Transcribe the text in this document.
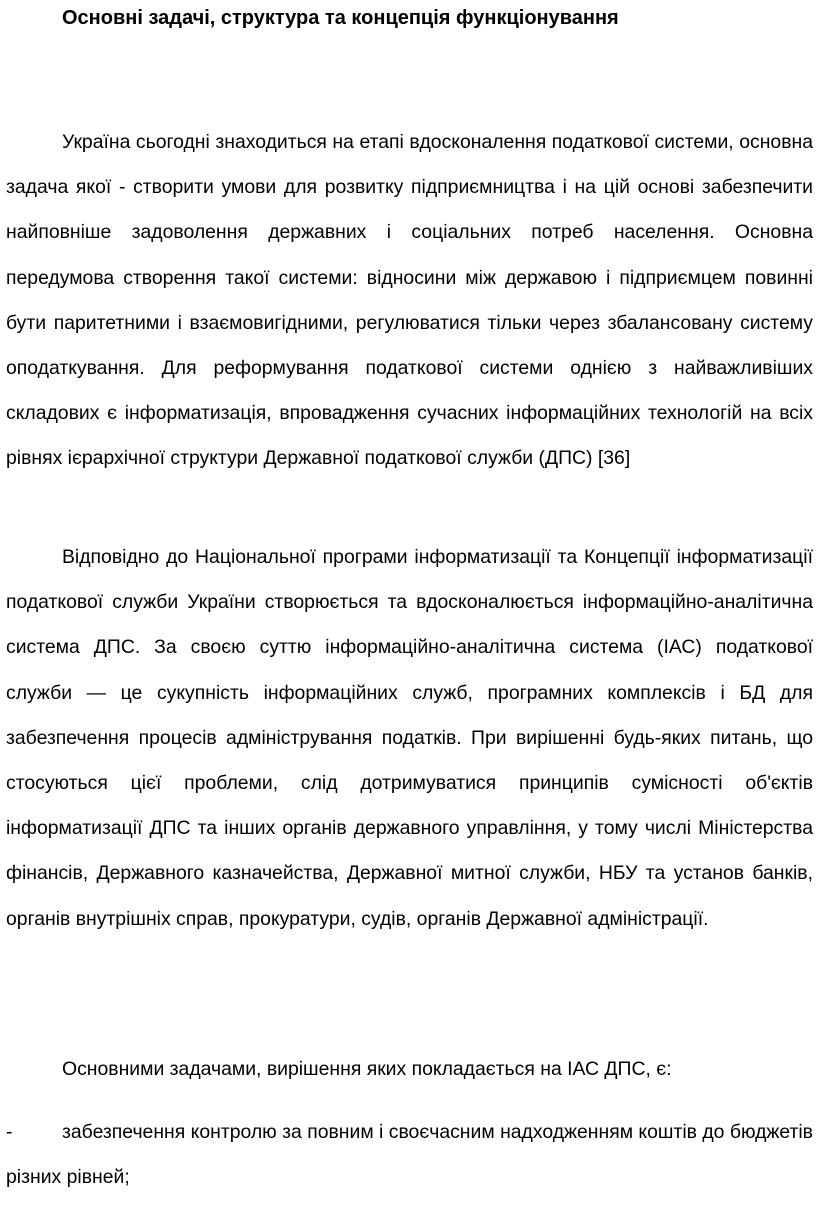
Основні задачі, структура та концепція функціонування

Україна сьогодні знаходиться на етапі вдосконалення податкової системи, основна задача якої - створити умови для розвитку підприємництва і на цій основі забезпечити найповніше задоволення державних і соціальних потреб населення. Основна передумова створення такої системи: відносини між державою і підприємцем повинні бути паритетними і взаємовигідними, регулюватися тільки через збалансовану систему оподаткування. Для реформування податкової системи однією з найважливіших складових є інформатизація, впровадження сучасних інформаційних технологій на всіх рівнях ієрархічної структури Державної податкової служби (ДПС) [36]

Відповідно до Національної програми інформатизації та Концепції інформатизації податкової служби України створюється та вдосконалюється інформаційно-аналітична система ДПС. За своєю суттю інформаційно-аналітична система (ІАС) податкової служби — це сукупність інформаційних служб, програмних комплексів і БД для забезпечення процесів адміністрування податків. При вирішенні будь-яких питань, що стосуються цієї проблеми, слід дотримуватися принципів сумісності об'єктів інформатизації ДПС та інших органів державного управління, у тому числі Міністерства фінансів, Державного казначейства, Державної митної служби, НБУ та установ банків, органів внутрішніх справ, прокуратури, судів, органів Державної адміністрації.

Основними задачами, вирішення яких покладається на ІАС ДПС, є:

-	забезпечення контролю за повним і своєчасним надходженням коштів до бюджетів різних рівней;
